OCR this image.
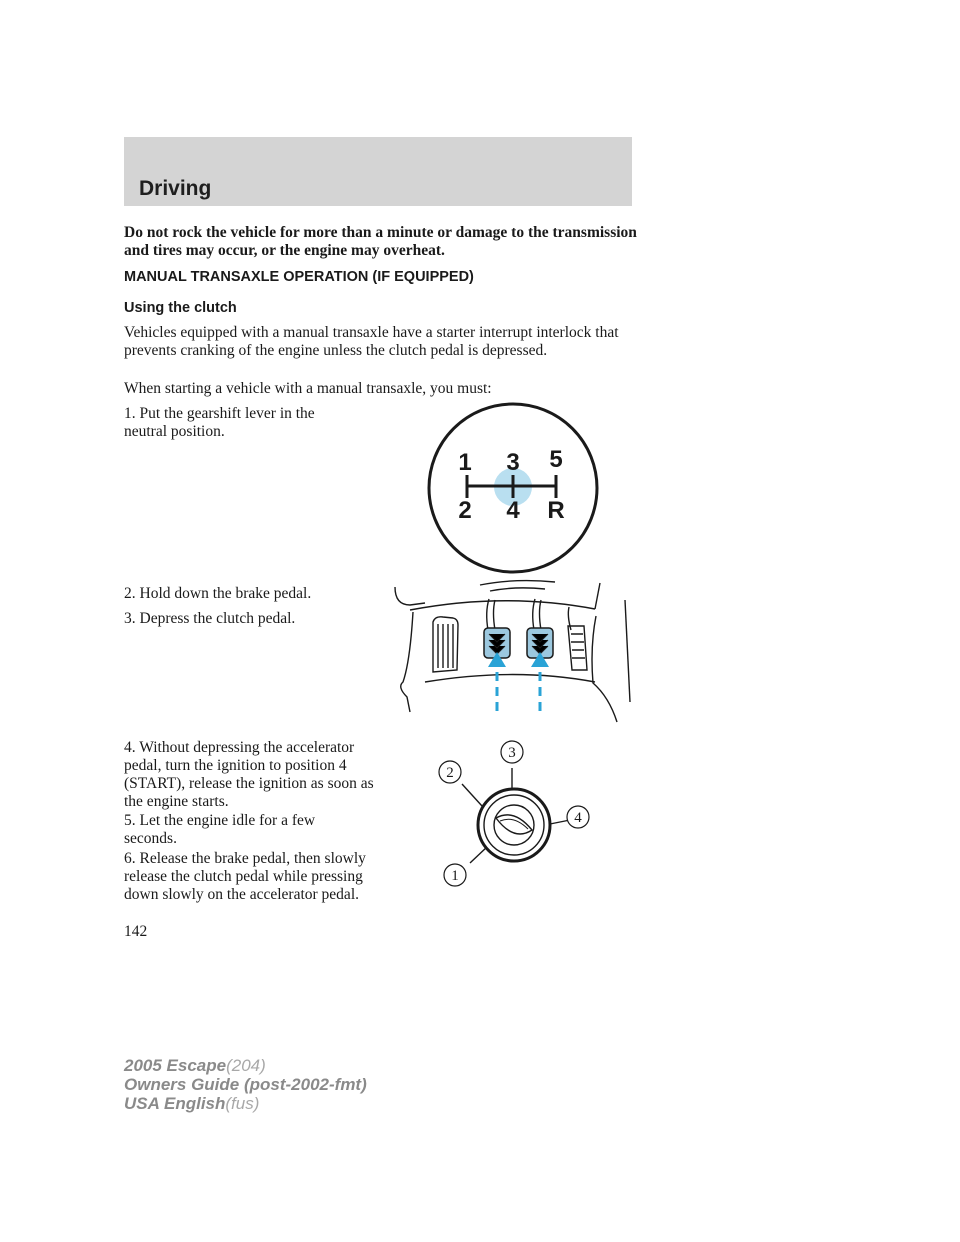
Driving
Do not rock the vehicle for more than a minute or damage to the transmission and tires may occur, or the engine may overheat.
MANUAL TRANSAXLE OPERATION (IF EQUIPPED)
Using the clutch
Vehicles equipped with a manual transaxle have a starter interrupt interlock that prevents cranking of the engine unless the clutch pedal is depressed.
When starting a vehicle with a manual transaxle, you must:
1. Put the gearshift lever in the neutral position.
2. Hold down the brake pedal.
3. Depress the clutch pedal.
4. Without depressing the accelerator pedal, turn the ignition to position 4 (START), release the ignition as soon as the engine starts.
5. Let the engine idle for a few seconds.
6. Release the brake pedal, then slowly release the clutch pedal while pressing down slowly on the accelerator pedal.
1 3 5
2 4 R
3
2
4
1
142
2005 Escape(204)
Owners Guide (post-2002-fmt)
USA English(fus)
